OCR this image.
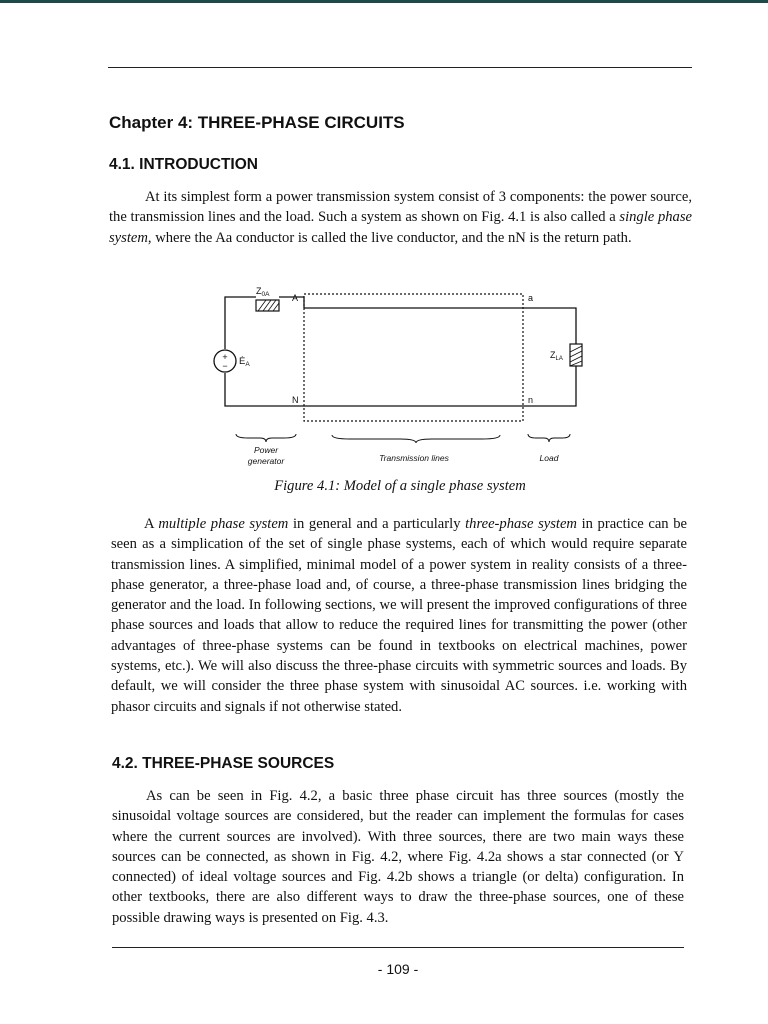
Chapter 4: THREE-PHASE CIRCUITS
4.1. INTRODUCTION

At its simplest form a power transmission system consist of 3 components: the power source, the transmission lines and the load. Such a system as shown on Fig. 4.1 is also called a single phase system, where the Aa conductor is called the live conductor, and the nN is the return path.

+
−
$Z_{0A}$	A	a
N	n
$Ė_A$
$Z_{LA}$
Power
generator	Transmission lines	Load

Figure 4.1: Model of a single phase system

A multiple phase system in general and a particularly three-phase system in practice can be seen as a simplication of the set of single phase systems, each of which would require separate transmission lines. A simplified, minimal model of a power system in reality consists of a three-phase generator, a three-phase load and, of course, a three-phase transmission lines bridging the generator and the load. In following sections, we will present the improved configurations of three phase sources and loads that allow to reduce the required lines for transmitting the power (other advantages of three-phase systems can be found in textbooks on electrical machines, power systems, etc.). We will also discuss the three-phase circuits with symmetric sources and loads. By default, we will consider the three phase system with sinusoidal AC sources. i.e. working with phasor circuits and signals if not otherwise stated.

4.2. THREE-PHASE SOURCES

As can be seen in Fig. 4.2, a basic three phase circuit has three sources (mostly the sinusoidal voltage sources are considered, but the reader can implement the formulas for cases where the current sources are involved). With three sources, there are two main ways these sources can be connected, as shown in Fig. 4.2, where Fig. 4.2a shows a star connected (or Y connected) of ideal voltage sources and Fig. 4.2b shows a triangle (or delta) configuration. In other textbooks, there are also different ways to draw the three-phase sources, one of these possible drawing ways is presented on Fig. 4.3.

- 109 -
